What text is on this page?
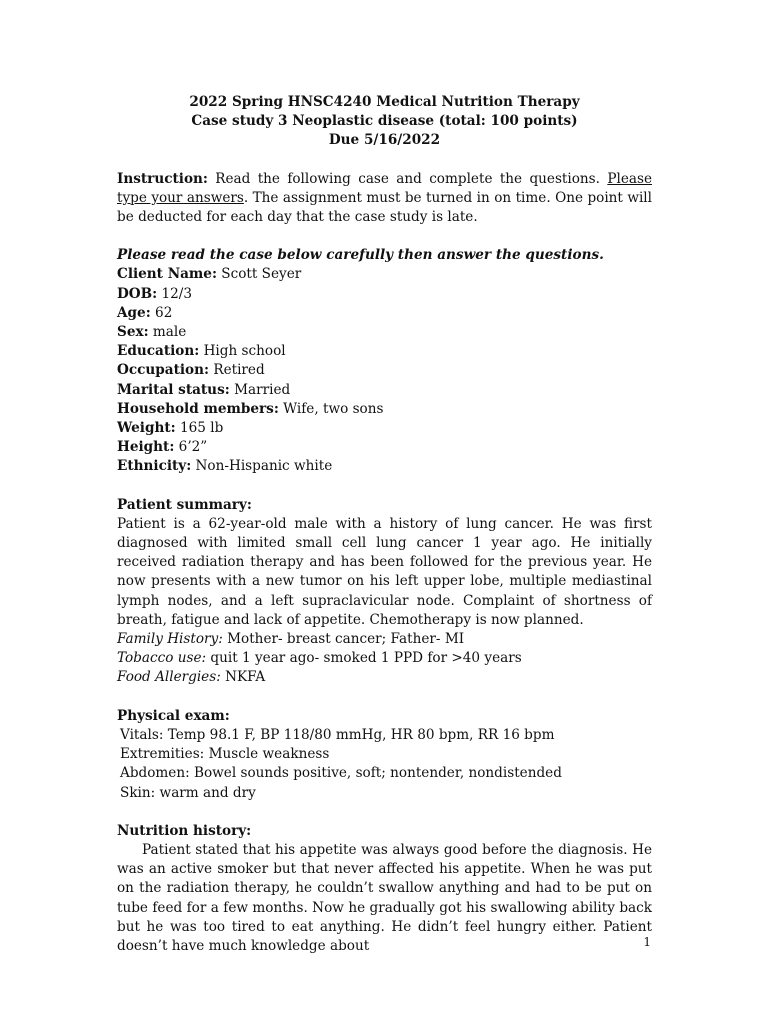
2022 Spring HNSC4240 Medical Nutrition Therapy

Case study 3 Neoplastic disease (total: 100 points)

Due 5/16/2022

Instruction: Read the following case and complete the questions. Please type your answers. The assignment must be turned in on time. One point will be deducted for each day that the case study is late.
Please read the case below carefully then answer the questions.
Client Name: Scott Seyer
DOB: 12/3
Age: 62
Sex: male
Education: High school
Occupation: Retired
Marital status: Married
Household members: Wife, two sons
Weight: 165 lb
Height: 6’2”
Ethnicity: Non-Hispanic white
Patient summary:
Patient is a 62-year-old male with a history of lung cancer. He was first diagnosed with limited small cell lung cancer 1 year ago. He initially received radiation therapy and has been followed for the previous year. He now presents with a new tumor on his left upper lobe, multiple mediastinal lymph nodes, and a left supraclavicular node. Complaint of shortness of breath, fatigue and lack of appetite. Chemotherapy is now planned.
Family History: Mother- breast cancer; Father- MI
Tobacco use: quit 1 year ago- smoked 1 PPD for >40 years
Food Allergies: NKFA
Physical exam:
Vitals: Temp 98.1 F, BP 118/80 mmHg, HR 80 bpm, RR 16 bpm
Extremities: Muscle weakness
Abdomen: Bowel sounds positive, soft; nontender, nondistended
Skin: warm and dry
Nutrition history:
Patient stated that his appetite was always good before the diagnosis. He was an active smoker but that never affected his appetite. When he was put on the radiation therapy, he couldn’t swallow anything and had to be put on tube feed for a few months. Now he gradually got his swallowing ability back but he was too tired to eat anything. He didn’t feel hungry either. Patient doesn’t have much knowledge about	1
